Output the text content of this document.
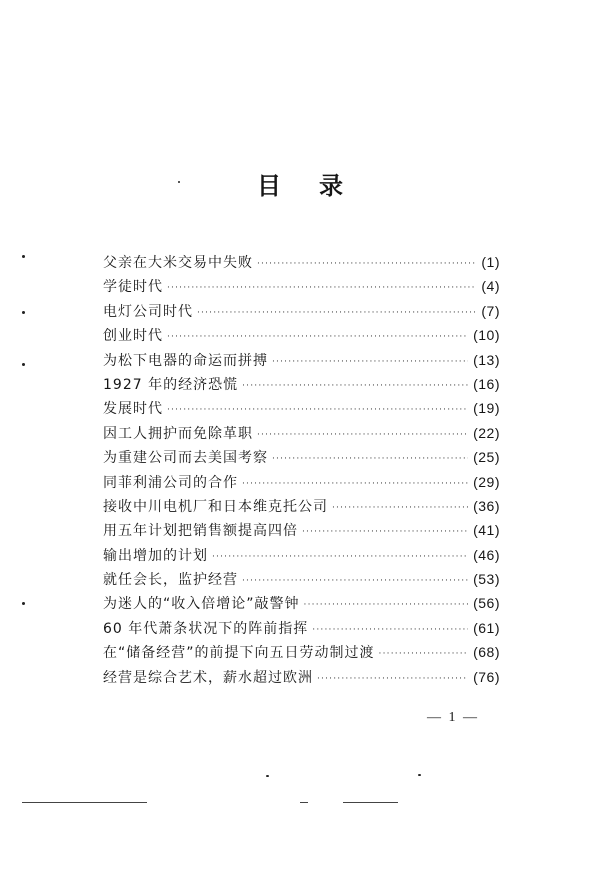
目录
父亲在大米交易中失败 ·····	(1)
学徒时代 ·····	(4)
电灯公司时代 ·····	(7)
创业时代 ·····	(10)
为松下电器的命运而拼搏 ·····	(13)
1927 年的经济恐慌 ·····	(16)
发展时代 ·····	(19)
因工人拥护而免除革职 ·····	(22)
为重建公司而去美国考察 ·····	(25)
同菲利浦公司的合作 ·····	(29)
接收中川电机厂和日本维克托公司 ·····	(36)
用五年计划把销售额提高四倍 ·····	(41)
输出增加的计划 ·····	(46)
就任会长，监护经营 ·····	(53)
为迷人的“收入倍增论”敲警钟 ·····	(56)
60 年代萧条状况下的阵前指挥 ·····	(61)
在“储备经营”的前提下向五日劳动制过渡 ·····	(68)
经营是综合艺术，薪水超过欧洲 ·····	(76)
— 1 —
